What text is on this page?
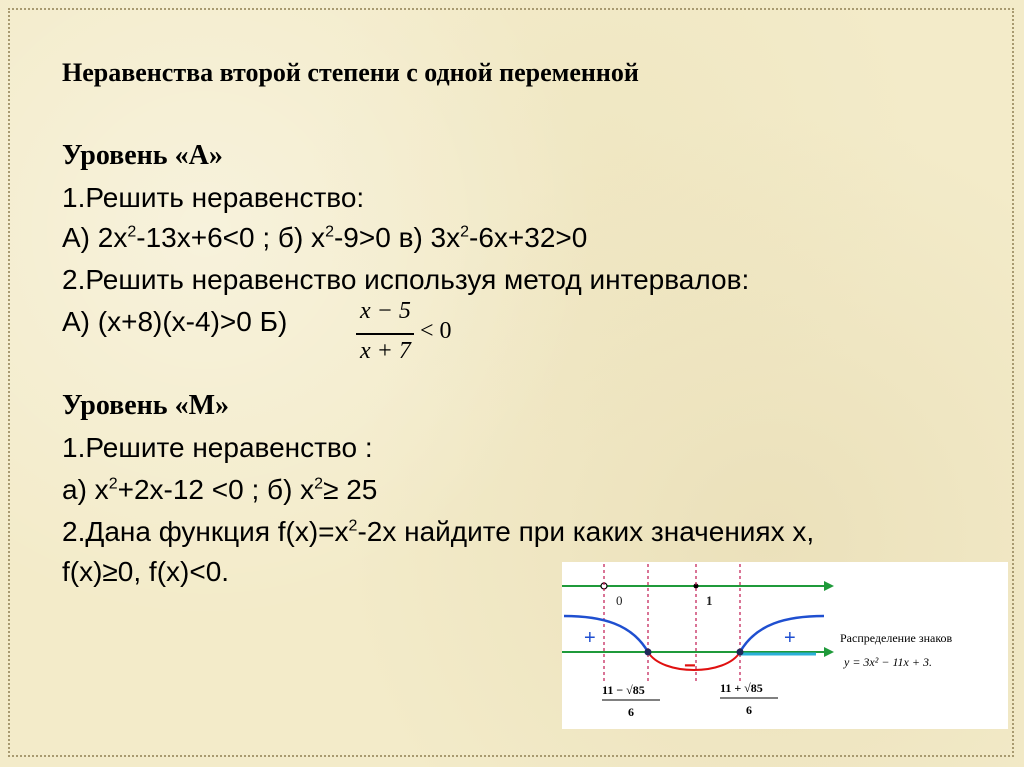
Неравенства второй степени с одной переменной
Уровень «А»
1.Решить неравенство:
А) $2х^2-13х+6<0$ ; б) $х^2-9>0$ в) $3х^2-6х+32>0$
2.Решить неравенство используя метод интервалов:
А) (х+8)(х-4)>0 Б)	x − 5
x + 7
< 0
Уровень «М»
1.Решите неравенство :
а) $х^2+2х-12 <0$ ; б) $х^2\ge 25$
2.Дана функция $f(х)=х^2-2х$ найдите при каких значениях х,
f(х)≥0, f(х)<0.
0	1
+	+
−
11 − √85
6
11 + √85
6
Распределение знаков
y = 3x² − 11x + 3.
